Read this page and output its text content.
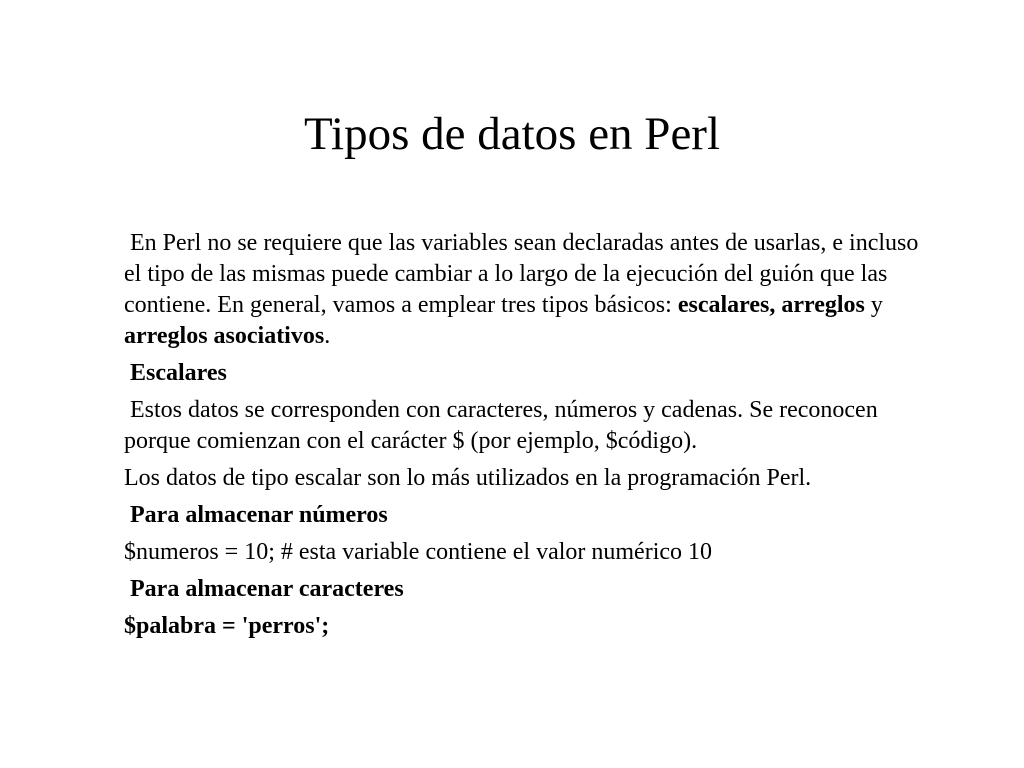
Tipos de datos en Perl

En Perl no se requiere que las variables sean declaradas antes de usarlas, e incluso el tipo de las mismas puede cambiar a lo largo de la ejecución del guión que las contiene. En general, vamos a emplear tres tipos básicos: escalares, arreglos y arreglos asociativos.

Escalares

Estos datos se corresponden con caracteres, números y cadenas. Se reconocen porque comienzan con el carácter $ (por ejemplo, $código).

Los datos de tipo escalar son lo más utilizados en la programación Perl.

Para almacenar números

$numeros = 10; # esta variable contiene el valor numérico 10

Para almacenar caracteres

$palabra = 'perros';
